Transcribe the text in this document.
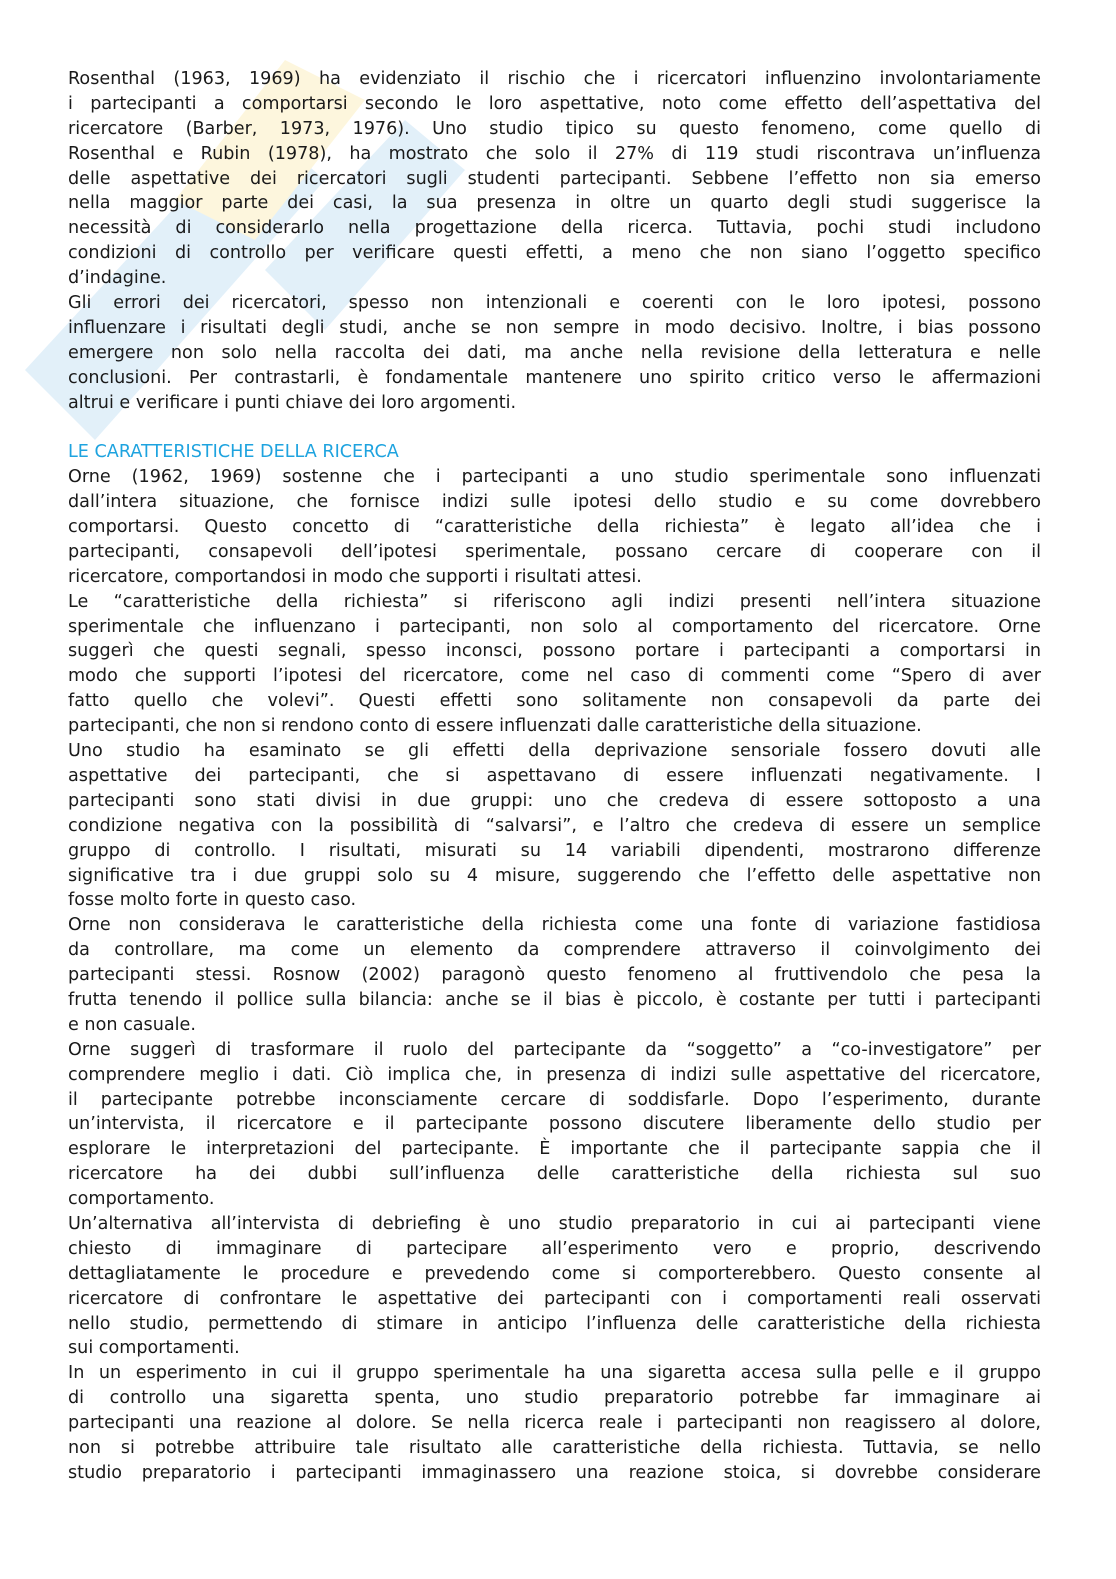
Rosenthal (1963, 1969) ha evidenziato il rischio che i ricercatori influenzino involontariamente
i partecipanti a comportarsi secondo le loro aspettative, noto come effetto dell’aspettativa del
ricercatore (Barber, 1973, 1976). Uno studio tipico su questo fenomeno, come quello di
Rosenthal e Rubin (1978), ha mostrato che solo il 27% di 119 studi riscontrava un’influenza
delle aspettative dei ricercatori sugli studenti partecipanti. Sebbene l’effetto non sia emerso
nella maggior parte dei casi, la sua presenza in oltre un quarto degli studi suggerisce la
necessità di considerarlo nella progettazione della ricerca. Tuttavia, pochi studi includono
condizioni di controllo per verificare questi effetti, a meno che non siano l’oggetto specifico
d’indagine.
Gli errori dei ricercatori, spesso non intenzionali e coerenti con le loro ipotesi, possono
influenzare i risultati degli studi, anche se non sempre in modo decisivo. Inoltre, i bias possono
emergere non solo nella raccolta dei dati, ma anche nella revisione della letteratura e nelle
conclusioni. Per contrastarli, è fondamentale mantenere uno spirito critico verso le affermazioni
altrui e verificare i punti chiave dei loro argomenti.
LE CARATTERISTICHE DELLA RICERCA
Orne (1962, 1969) sostenne che i partecipanti a uno studio sperimentale sono influenzati
dall’intera situazione, che fornisce indizi sulle ipotesi dello studio e su come dovrebbero
comportarsi. Questo concetto di “caratteristiche della richiesta” è legato all’idea che i
partecipanti, consapevoli dell’ipotesi sperimentale, possano cercare di cooperare con il
ricercatore, comportandosi in modo che supporti i risultati attesi.
Le “caratteristiche della richiesta” si riferiscono agli indizi presenti nell’intera situazione
sperimentale che influenzano i partecipanti, non solo al comportamento del ricercatore. Orne
suggerì che questi segnali, spesso inconsci, possono portare i partecipanti a comportarsi in
modo che supporti l’ipotesi del ricercatore, come nel caso di commenti come “Spero di aver
fatto quello che volevi”. Questi effetti sono solitamente non consapevoli da parte dei
partecipanti, che non si rendono conto di essere influenzati dalle caratteristiche della situazione.
Uno studio ha esaminato se gli effetti della deprivazione sensoriale fossero dovuti alle
aspettative dei partecipanti, che si aspettavano di essere influenzati negativamente. I
partecipanti sono stati divisi in due gruppi: uno che credeva di essere sottoposto a una
condizione negativa con la possibilità di “salvarsi”, e l’altro che credeva di essere un semplice
gruppo di controllo. I risultati, misurati su 14 variabili dipendenti, mostrarono differenze
significative tra i due gruppi solo su 4 misure, suggerendo che l’effetto delle aspettative non
fosse molto forte in questo caso.
Orne non considerava le caratteristiche della richiesta come una fonte di variazione fastidiosa
da controllare, ma come un elemento da comprendere attraverso il coinvolgimento dei
partecipanti stessi. Rosnow (2002) paragonò questo fenomeno al fruttivendolo che pesa la
frutta tenendo il pollice sulla bilancia: anche se il bias è piccolo, è costante per tutti i partecipanti
e non casuale.
Orne suggerì di trasformare il ruolo del partecipante da “soggetto” a “co-investigatore” per
comprendere meglio i dati. Ciò implica che, in presenza di indizi sulle aspettative del ricercatore,
il partecipante potrebbe inconsciamente cercare di soddisfarle. Dopo l’esperimento, durante
un’intervista, il ricercatore e il partecipante possono discutere liberamente dello studio per
esplorare le interpretazioni del partecipante. È importante che il partecipante sappia che il
ricercatore ha dei dubbi sull’influenza delle caratteristiche della richiesta sul suo
comportamento.
Un’alternativa all’intervista di debriefing è uno studio preparatorio in cui ai partecipanti viene
chiesto di immaginare di partecipare all’esperimento vero e proprio, descrivendo
dettagliatamente le procedure e prevedendo come si comporterebbero. Questo consente al
ricercatore di confrontare le aspettative dei partecipanti con i comportamenti reali osservati
nello studio, permettendo di stimare in anticipo l’influenza delle caratteristiche della richiesta
sui comportamenti.
In un esperimento in cui il gruppo sperimentale ha una sigaretta accesa sulla pelle e il gruppo
di controllo una sigaretta spenta, uno studio preparatorio potrebbe far immaginare ai
partecipanti una reazione al dolore. Se nella ricerca reale i partecipanti non reagissero al dolore,
non si potrebbe attribuire tale risultato alle caratteristiche della richiesta. Tuttavia, se nello
studio preparatorio i partecipanti immaginassero una reazione stoica, si dovrebbe considerare
